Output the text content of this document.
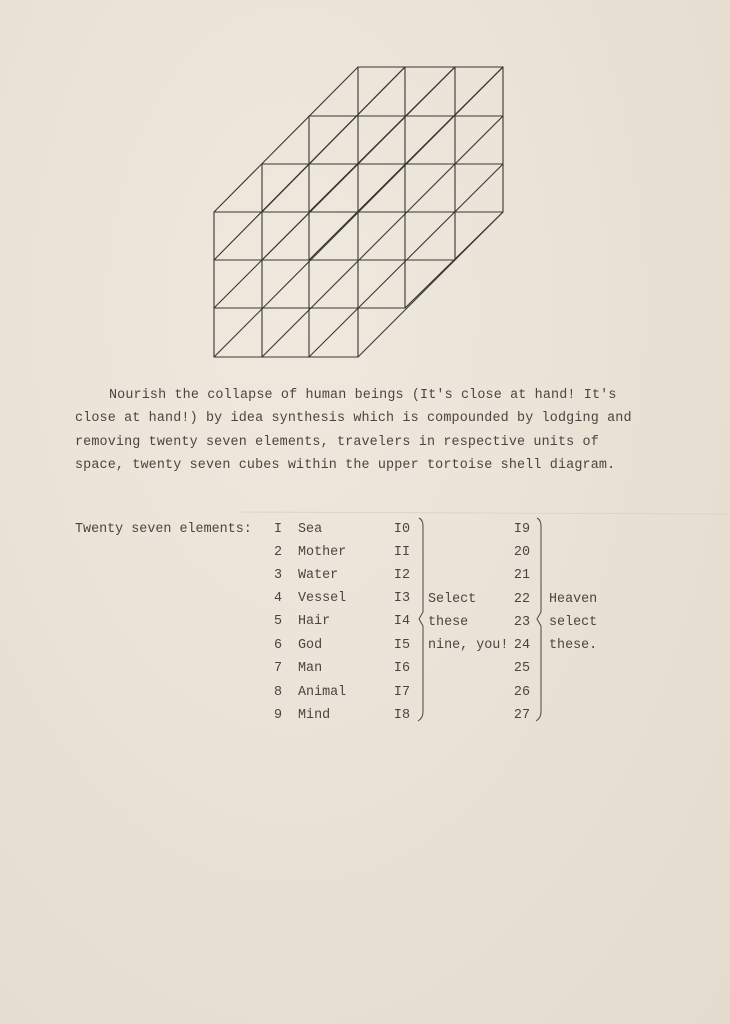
Nourish the collapse of human beings (It's close at hand! It's
close at hand!) by idea synthesis which is compounded by lodging and
removing twenty seven elements, travelers in respective units of
space, twenty seven cubes within the upper tortoise shell diagram.
Twenty seven elements:	I
2
3
4
5
6
7
8
9
Sea
Mother
Water
Vessel
Hair
God
Man
Animal
Mind
I0
II
I2
I3
I4
I5
I6
I7
I8
Select
these
nine, you!
I9
20
21
22
23
24
25
26
27
Heaven
select
these.
